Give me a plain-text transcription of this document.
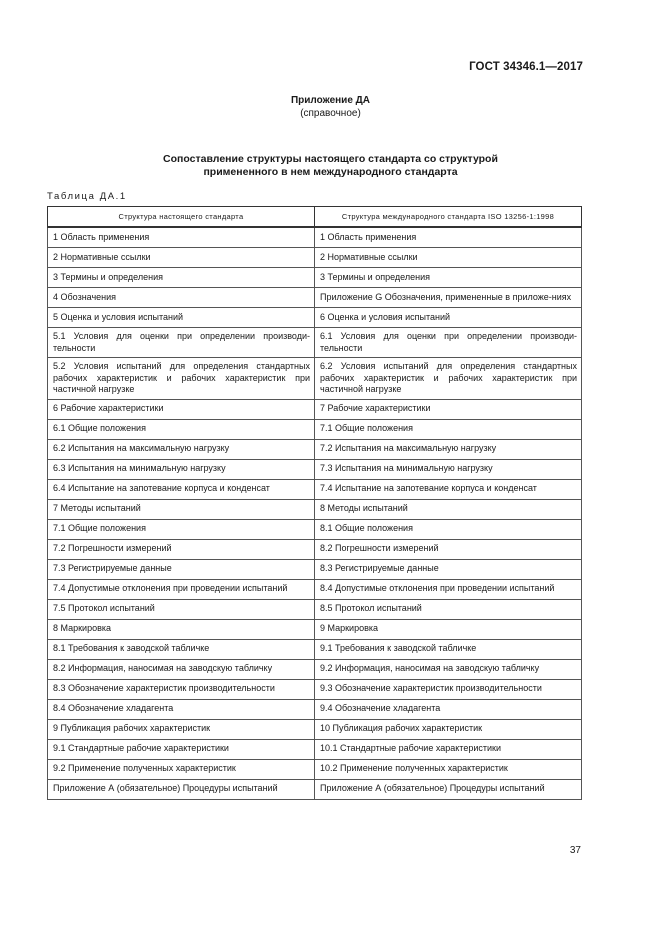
ГОСТ 34346.1—2017
Приложение ДА
(справочное)
Сопоставление структуры настоящего стандарта со структурой
примененного в нем международного стандарта
Таблица ДА.1
Структура настоящего стандарта	Структура международного стандарта ISO 13256-1:1998
1 Область применения	1 Область применения
2 Нормативные ссылки	2 Нормативные ссылки
3 Термины и определения	3 Термины и определения
4 Обозначения	Приложение G Обозначения, примененные в приложе-ниях
5 Оценка и условия испытаний	6 Оценка и условия испытаний
5.1 Условия для оценки при определении производи-тельности	6.1 Условия для оценки при определении производи-тельности
5.2 Условия испытаний для определения стандартных рабочих характеристик и рабочих характеристик при частичной нагрузке	6.2 Условия испытаний для определения стандартных рабочих характеристик и рабочих характеристик при частичной нагрузке
6 Рабочие характеристики	7 Рабочие характеристики
6.1 Общие положения	7.1 Общие положения
6.2 Испытания на максимальную нагрузку	7.2 Испытания на максимальную нагрузку
6.3 Испытания на минимальную нагрузку	7.3 Испытания на минимальную нагрузку
6.4 Испытание на запотевание корпуса и конденсат	7.4 Испытание на запотевание корпуса и конденсат
7 Методы испытаний	8 Методы испытаний
7.1 Общие положения	8.1 Общие положения
7.2 Погрешности измерений	8.2 Погрешности измерений
7.3 Регистрируемые данные	8.3 Регистрируемые данные
7.4 Допустимые отклонения при проведении испытаний	8.4 Допустимые отклонения при проведении испытаний
7.5 Протокол испытаний	8.5 Протокол испытаний
8 Маркировка	9 Маркировка
8.1 Требования к заводской табличке	9.1 Требования к заводской табличке
8.2 Информация, наносимая на заводскую табличку	9.2 Информация, наносимая на заводскую табличку
8.3 Обозначение характеристик производительности	9.3 Обозначение характеристик производительности
8.4 Обозначение хладагента	9.4 Обозначение хладагента
9 Публикация рабочих характеристик	10 Публикация рабочих характеристик
9.1 Стандартные рабочие характеристики	10.1 Стандартные рабочие характеристики
9.2 Применение полученных характеристик	10.2 Применение полученных характеристик
Приложение А (обязательное) Процедуры испытаний	Приложение А (обязательное) Процедуры испытаний
37
